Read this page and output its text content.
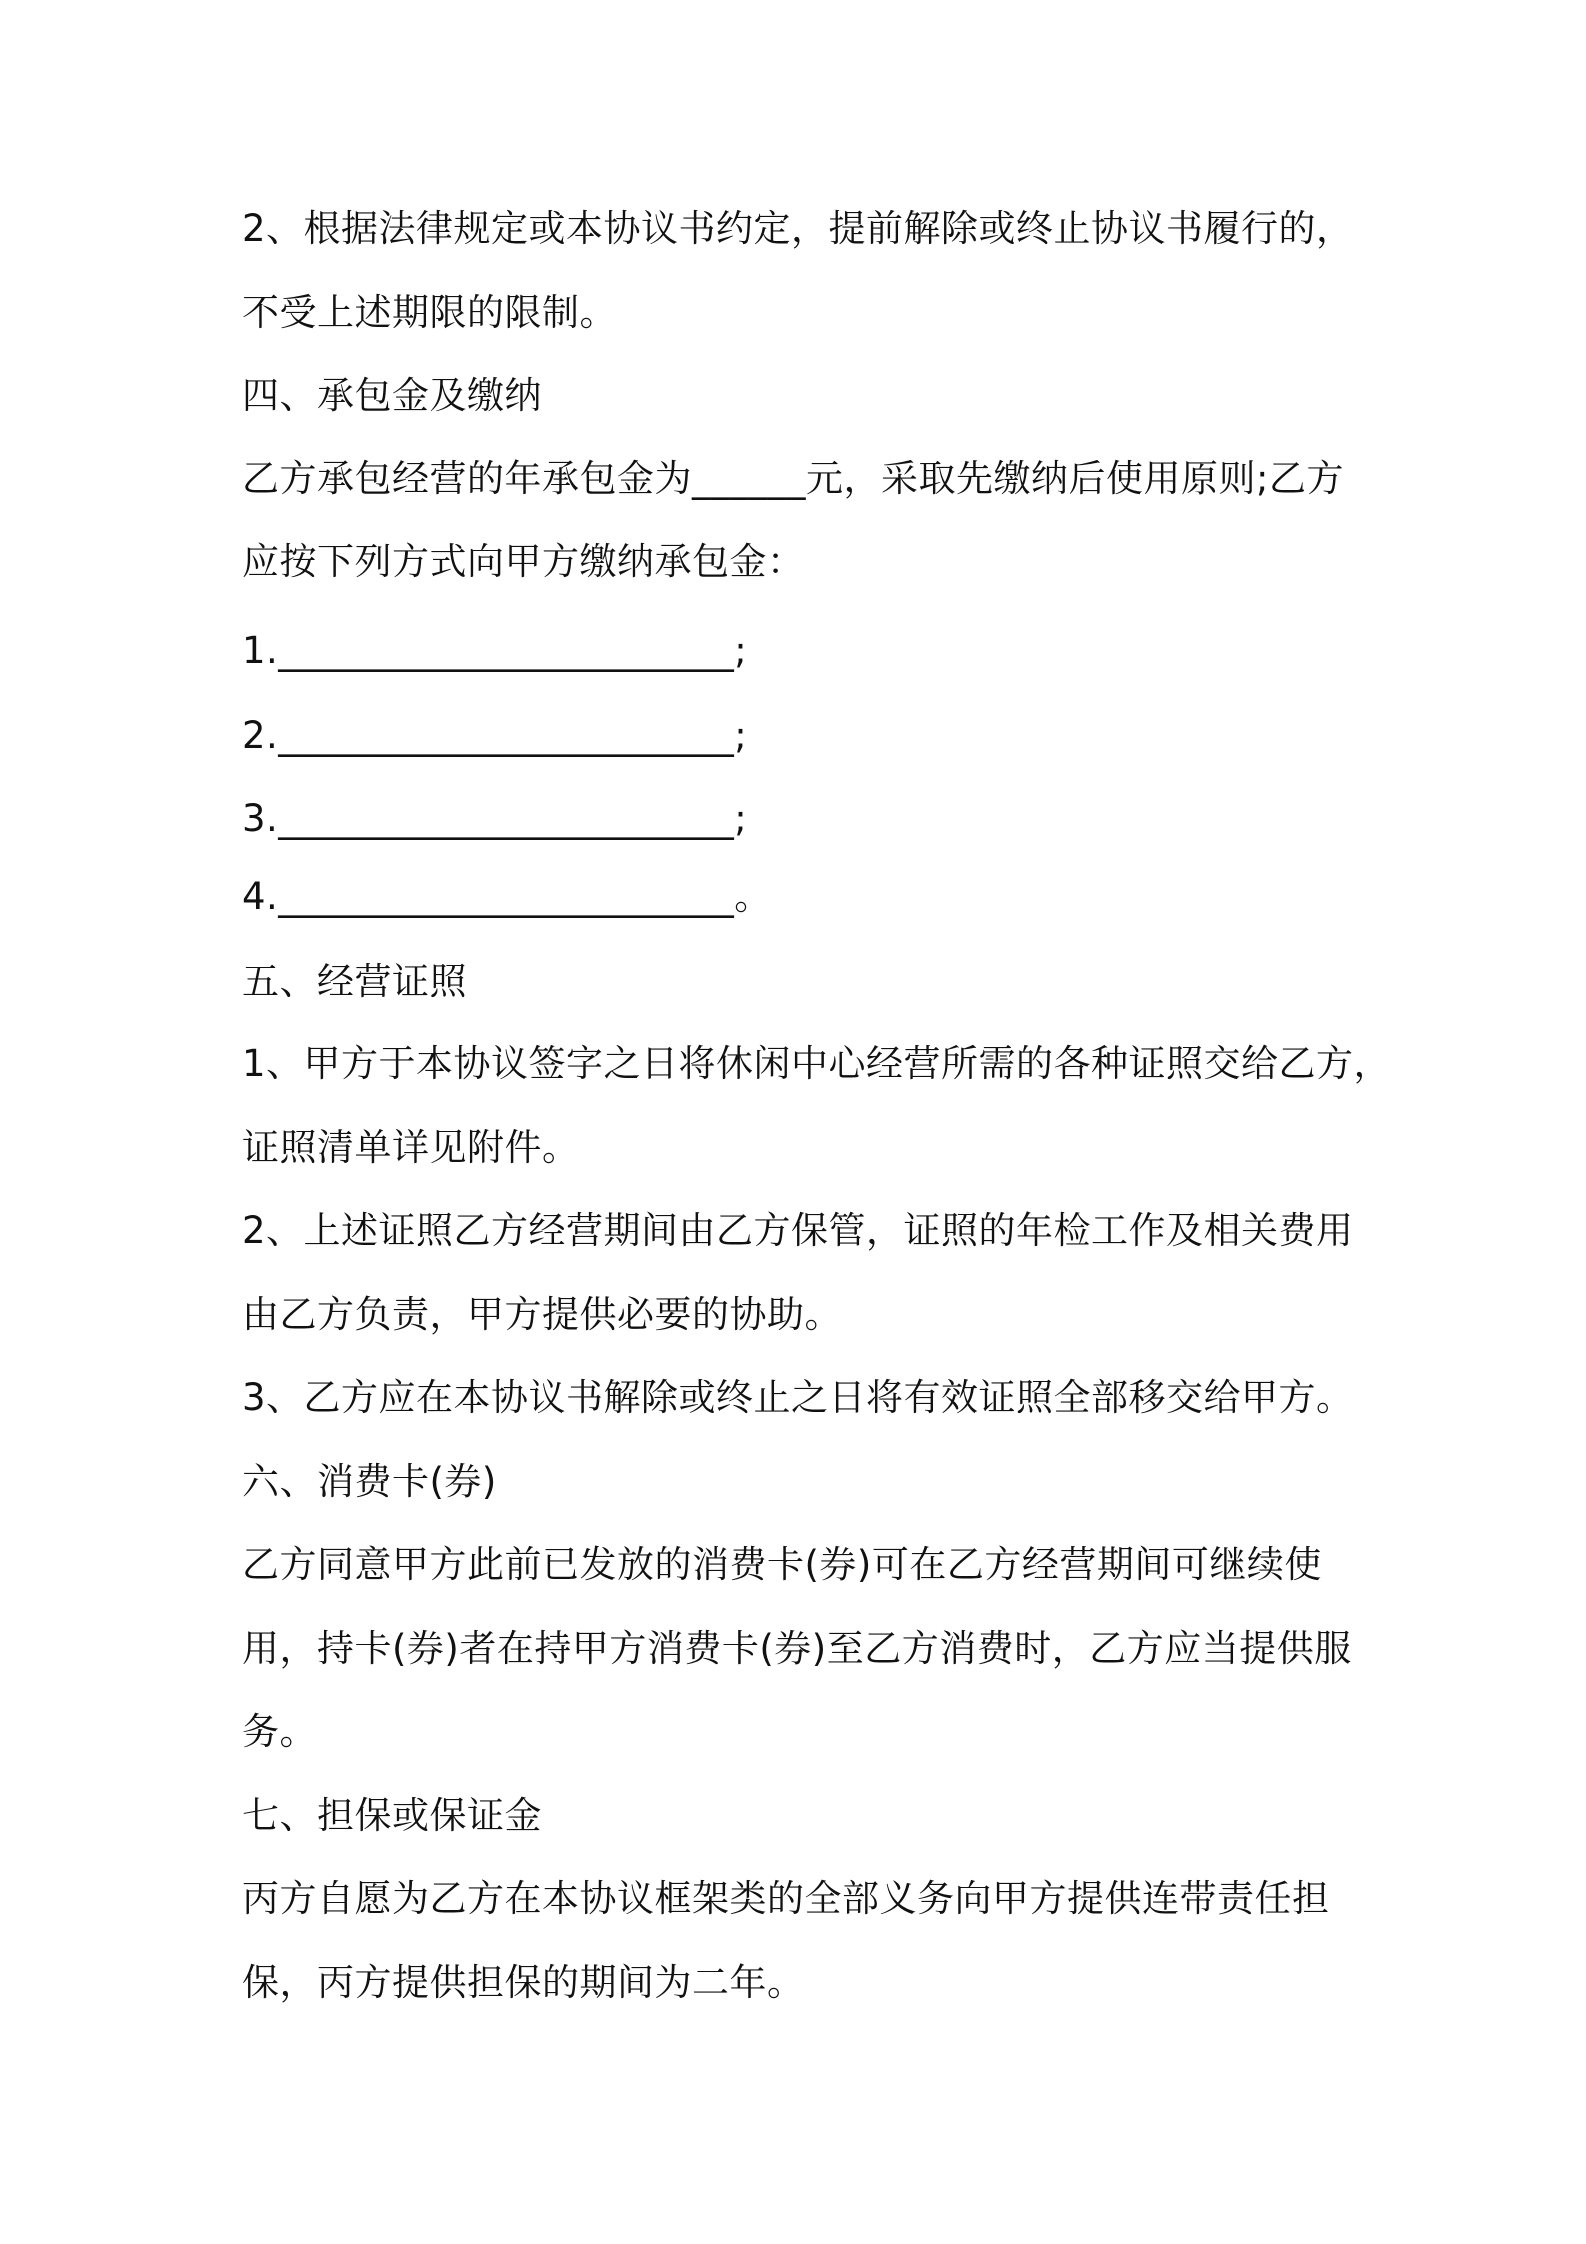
2、根据法律规定或本协议书约定，提前解除或终止协议书履行的，
不受上述期限的限制。
四、承包金及缴纳
乙方承包经营的年承包金为______元，采取先缴纳后使用原则;乙方
应按下列方式向甲方缴纳承包金：
1.________________________;
2.________________________;
3.________________________;
4.________________________。
五、经营证照
1、甲方于本协议签字之日将休闲中心经营所需的各种证照交给乙方，
证照清单详见附件。
2、上述证照乙方经营期间由乙方保管，证照的年检工作及相关费用
由乙方负责，甲方提供必要的协助。
3、乙方应在本协议书解除或终止之日将有效证照全部移交给甲方。
六、消费卡(券)
乙方同意甲方此前已发放的消费卡(券)可在乙方经营期间可继续使
用，持卡(券)者在持甲方消费卡(券)至乙方消费时，乙方应当提供服
务。
七、担保或保证金
丙方自愿为乙方在本协议框架类的全部义务向甲方提供连带责任担
保，丙方提供担保的期间为二年。
